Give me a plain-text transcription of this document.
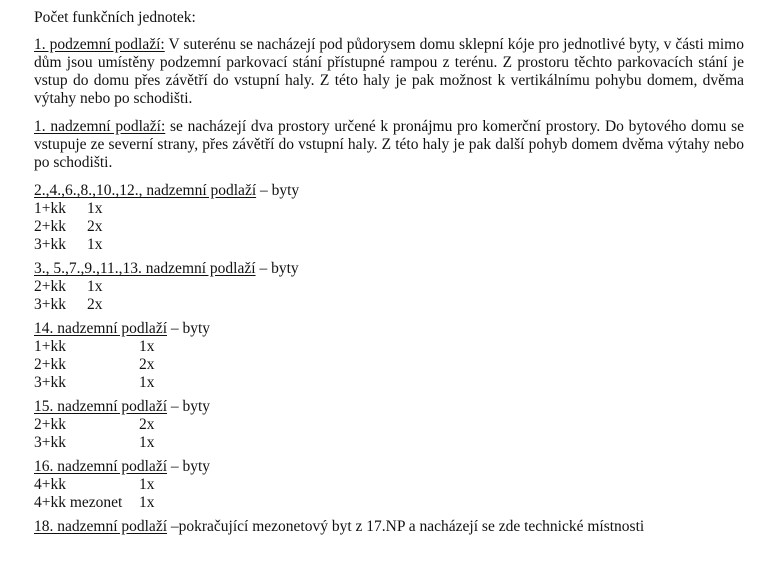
Počet funkčních jednotek:
1. podzemní podlaží: V suterénu se nacházejí pod půdorysem domu sklepní kóje pro jednotlivé byty, v části mimo dům jsou umístěny podzemní parkovací stání přístupné rampou z terénu. Z prostoru těchto parkovacích stání je vstup do domu přes závětří do vstupní haly. Z této haly je pak možnost k vertikálnímu pohybu domem, dvěma výtahy nebo po schodišti.
1. nadzemní podlaží: se nacházejí dva prostory určené k pronájmu pro komerční prostory. Do bytového domu se vstupuje ze severní strany, přes závětří do vstupní haly. Z této haly je pak další pohyb domem dvěma výtahy nebo po schodišti.
2.,4.,6.,8.,10.,12., nadzemní podlaží – byty
1+kk	1x
2+kk	2x
3+kk	1x
3., 5.,7.,9.,11.,13. nadzemní podlaží – byty
2+kk	1x
3+kk	2x
14. nadzemní podlaží – byty
1+kk	1x
2+kk	2x
3+kk	1x
15. nadzemní podlaží – byty
2+kk	2x
3+kk	1x
16. nadzemní podlaží – byty
4+kk	1x
4+kk mezonet	1x
18. nadzemní podlaží –pokračující mezonetový byt z 17.NP a nacházejí se zde technické místnosti
